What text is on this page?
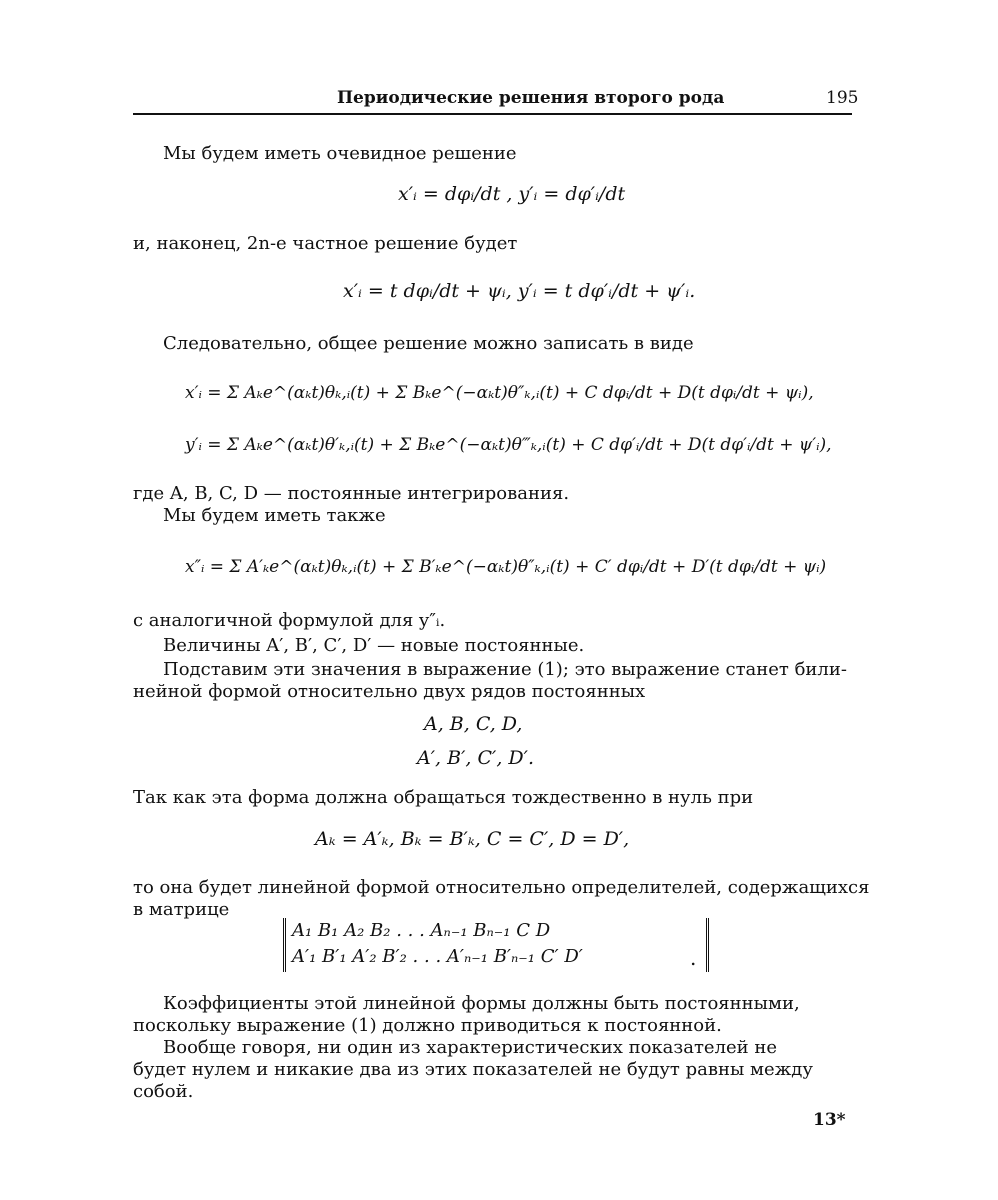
Периодические решения второго рода	195
Мы будем иметь очевидное решение
x′ᵢ = dφᵢ/dt , y′ᵢ = dφ′ᵢ/dt
и, наконец, 2n-е частное решение будет
x′ᵢ = t dφᵢ/dt + ψᵢ, y′ᵢ = t dφ′ᵢ/dt + ψ′ᵢ.
Следовательно, общее решение можно записать в виде
x′ᵢ = Σ Aₖe^(αₖt)θₖ,ᵢ(t) + Σ Bₖe^(−αₖt)θ″ₖ,ᵢ(t) + C dφᵢ/dt + D(t dφᵢ/dt + ψᵢ),
y′ᵢ = Σ Aₖe^(αₖt)θ′ₖ,ᵢ(t) + Σ Bₖe^(−αₖt)θ‴ₖ,ᵢ(t) + C dφ′ᵢ/dt + D(t dφ′ᵢ/dt + ψ′ᵢ),
где A, B, C, D — постоянные интегрирования.
Мы будем иметь также
x″ᵢ = Σ A′ₖe^(αₖt)θₖ,ᵢ(t) + Σ B′ₖe^(−αₖt)θ″ₖ,ᵢ(t) + C′ dφᵢ/dt + D′(t dφᵢ/dt + ψᵢ)
с аналогичной формулой для y″ᵢ.
Величины A′, B′, C′, D′ — новые постоянные.
Подставим эти значения в выражение (1); это выражение станет били-
нейной формой относительно двух рядов постоянных
A, B, C, D,
A′, B′, C′, D′.
Так как эта форма должна обращаться тождественно в нуль при
Aₖ = A′ₖ, Bₖ = B′ₖ, C = C′, D = D′,
то она будет линейной формой относительно определителей, содержащихся
в матрице
A₁ B₁ A₂ B₂ . . . Aₙ₋₁ Bₙ₋₁ C D
A′₁ B′₁ A′₂ B′₂ . . . A′ₙ₋₁ B′ₙ₋₁ C′ D′	.
Коэффициенты этой линейной формы должны быть постоянными,
поскольку выражение (1) должно приводиться к постоянной.
Вообще говоря, ни один из характеристических показателей не
будет нулем и никакие два из этих показателей не будут равны между
собой.
13*
